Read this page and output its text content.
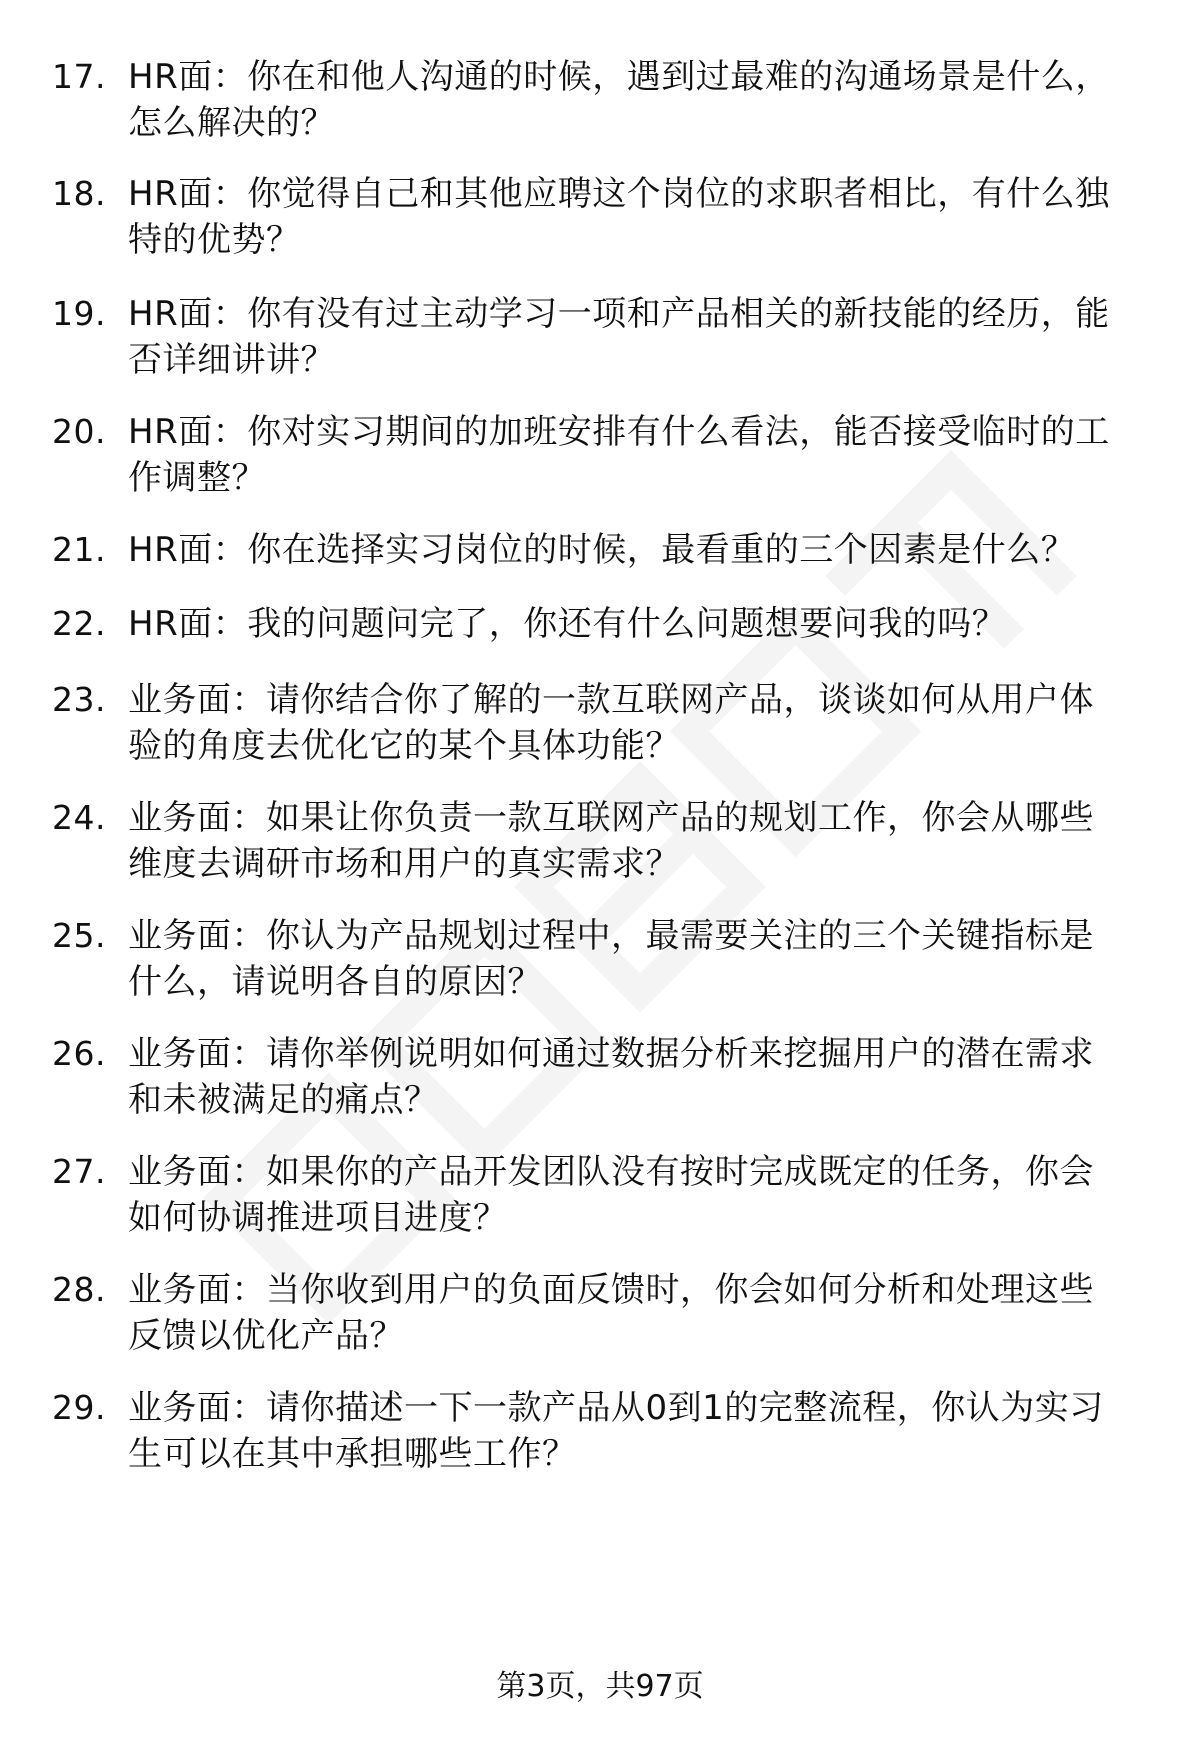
17. HR面：你在和他人沟通的时候，遇到过最难的沟通场景是什么，
怎么解决的？
18. HR面：你觉得自己和其他应聘这个岗位的求职者相比，有什么独
特的优势？
19. HR面：你有没有过主动学习一项和产品相关的新技能的经历，能
否详细讲讲？
20. HR面：你对实习期间的加班安排有什么看法，能否接受临时的工
作调整？
21. HR面：你在选择实习岗位的时候，最看重的三个因素是什么？
22. HR面：我的问题问完了，你还有什么问题想要问我的吗？
23. 业务面：请你结合你了解的一款互联网产品，谈谈如何从用户体
验的角度去优化它的某个具体功能？
24. 业务面：如果让你负责一款互联网产品的规划工作，你会从哪些
维度去调研市场和用户的真实需求？
25. 业务面：你认为产品规划过程中，最需要关注的三个关键指标是
什么，请说明各自的原因？
26. 业务面：请你举例说明如何通过数据分析来挖掘用户的潜在需求
和未被满足的痛点？
27. 业务面：如果你的产品开发团队没有按时完成既定的任务，你会
如何协调推进项目进度？
28. 业务面：当你收到用户的负面反馈时，你会如何分析和处理这些
反馈以优化产品？
29. 业务面：请你描述一下一款产品从0到1的完整流程，你认为实习
生可以在其中承担哪些工作？
第3页，共97页
